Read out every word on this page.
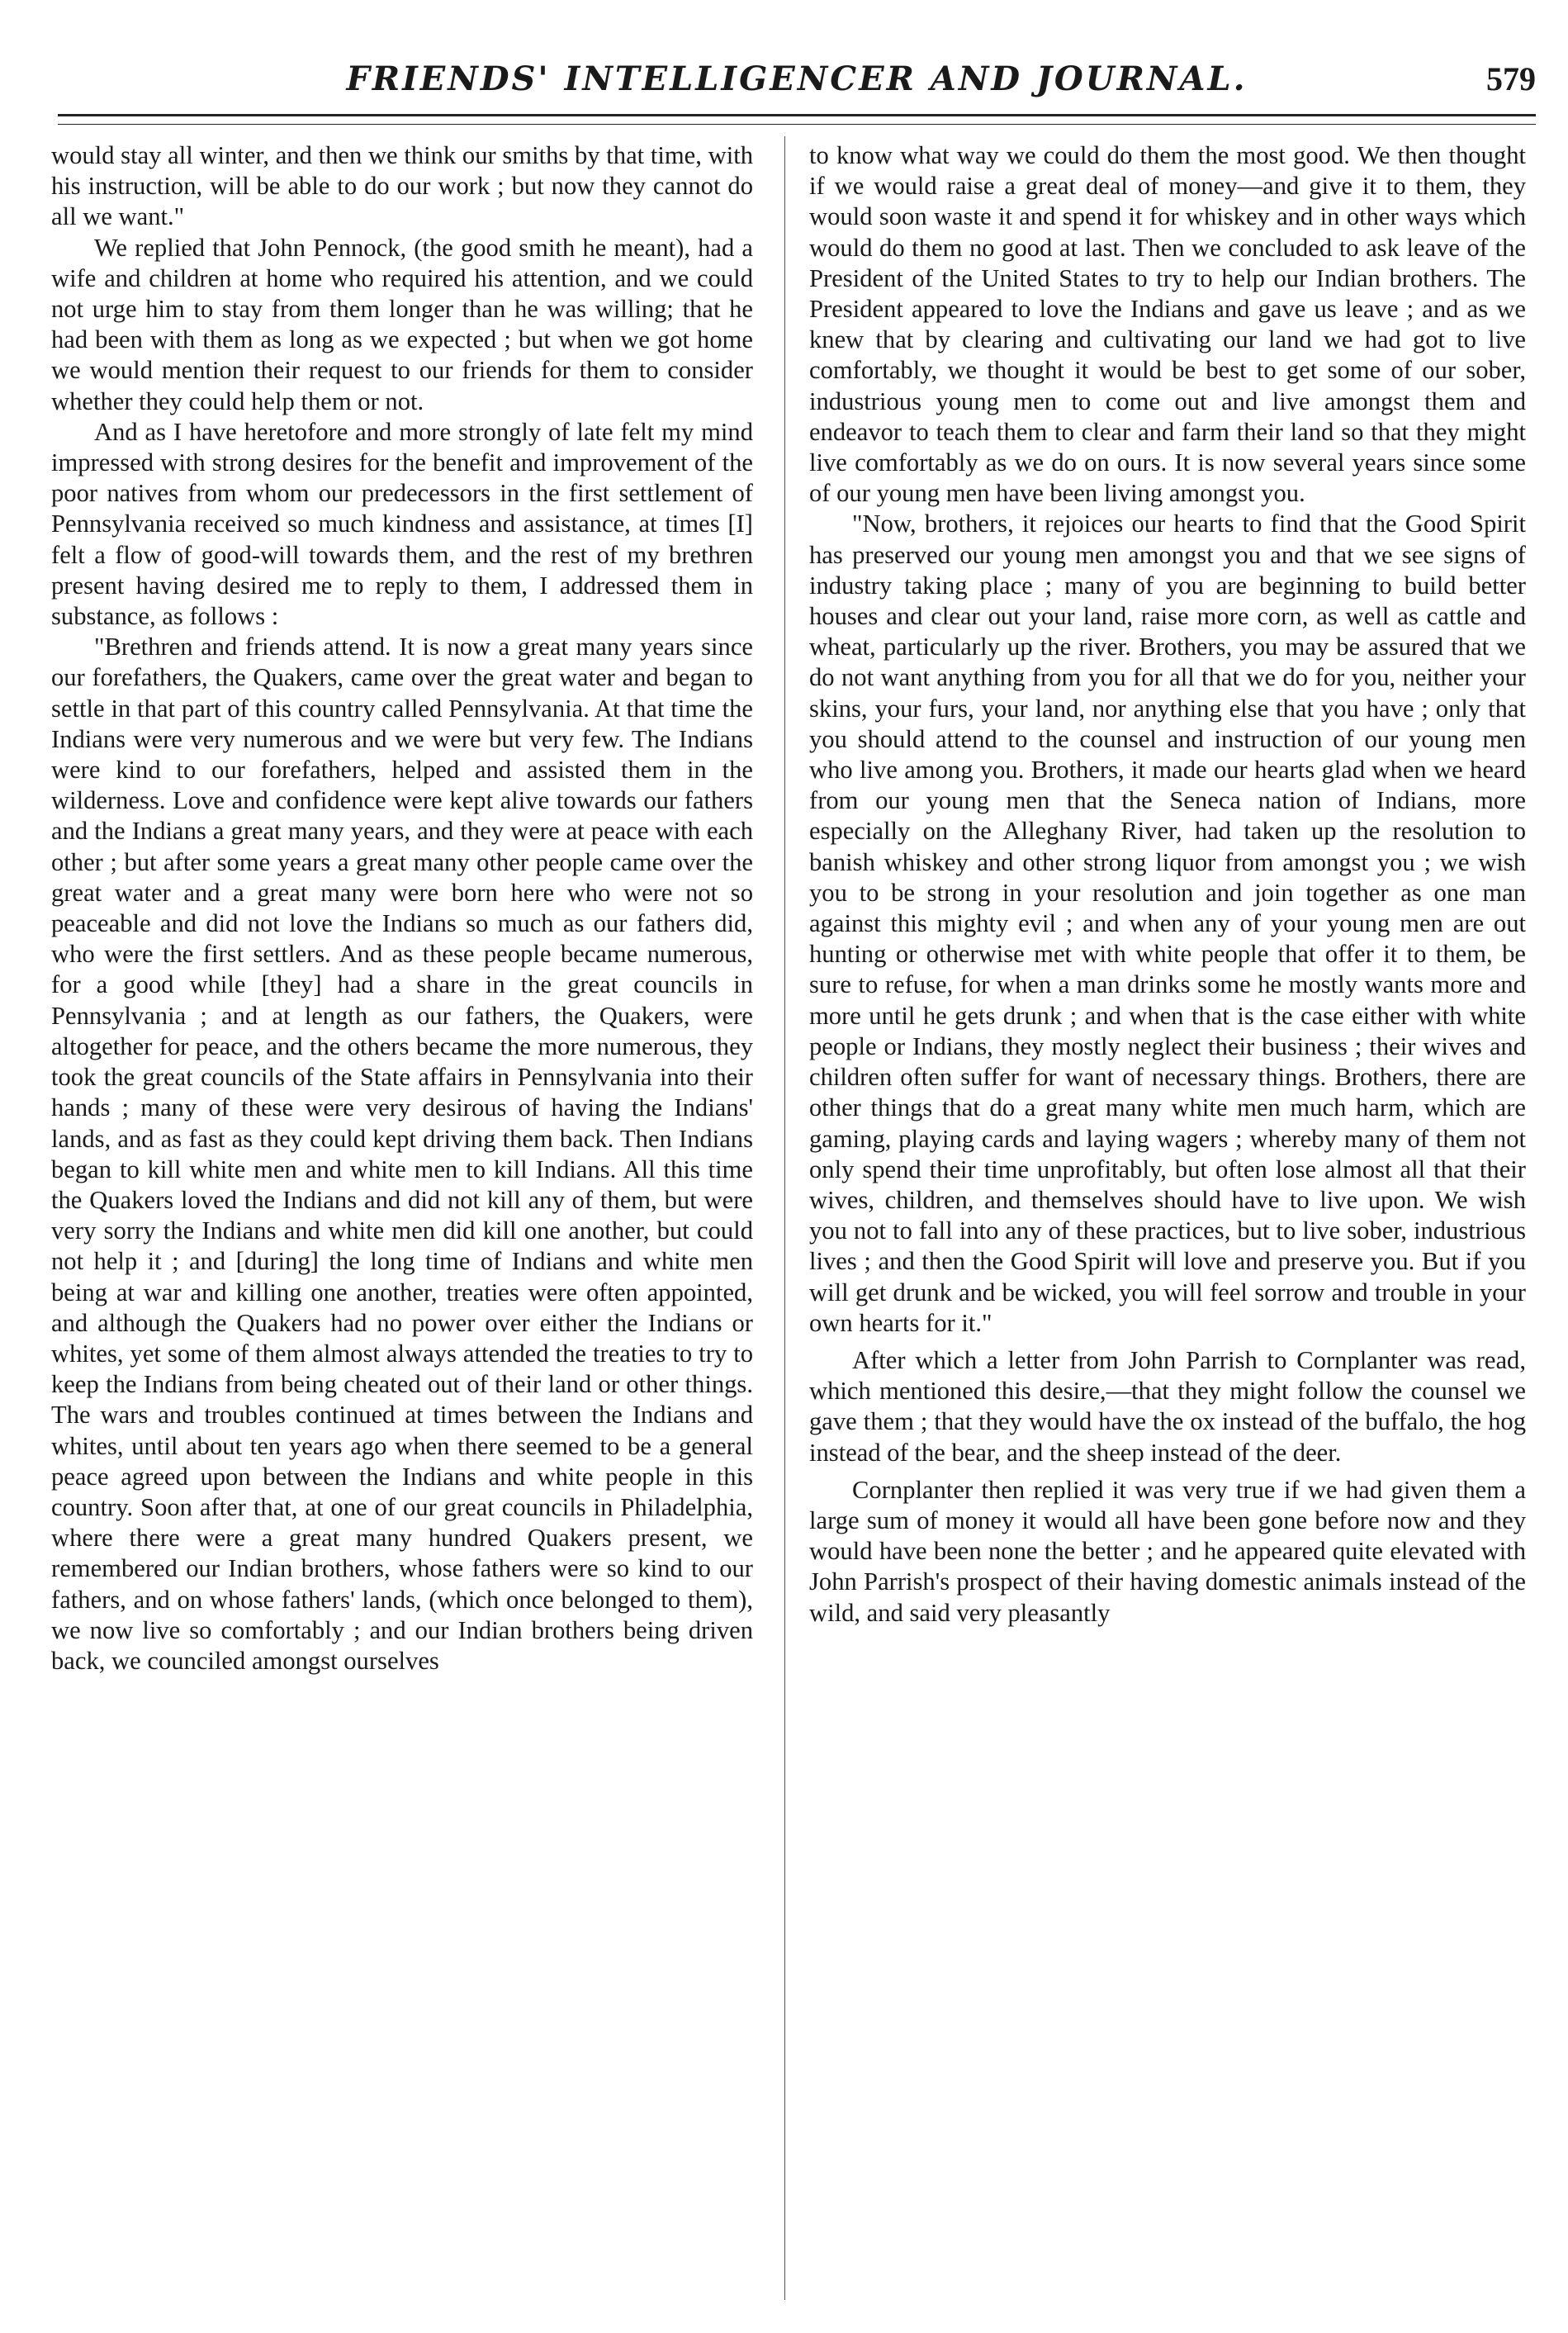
FRIENDS' INTELLIGENCER AND JOURNAL.	579

would stay all winter, and then we think our smiths by that time, with his instruction, will be able to do our work ; but now they cannot do all we want."

We replied that John Pennock, (the good smith he meant), had a wife and children at home who required his attention, and we could not urge him to stay from them longer than he was willing; that he had been with them as long as we expected ; but when we got home we would mention their request to our friends for them to consider whether they could help them or not.

And as I have heretofore and more strongly of late felt my mind impressed with strong desires for the benefit and improvement of the poor natives from whom our predecessors in the first settlement of Pennsylvania received so much kindness and assistance, at times [I] felt a flow of good-will towards them, and the rest of my brethren present having desired me to reply to them, I addressed them in substance, as follows :

"Brethren and friends attend. It is now a great many years since our forefathers, the Quakers, came over the great water and began to settle in that part of this country called Pennsylvania. At that time the Indians were very numerous and we were but very few. The Indians were kind to our forefathers, helped and assisted them in the wilderness. Love and confidence were kept alive towards our fathers and the Indians a great many years, and they were at peace with each other ; but after some years a great many other people came over the great water and a great many were born here who were not so peaceable and did not love the Indians so much as our fathers did, who were the first settlers. And as these people became numerous, for a good while [they] had a share in the great councils in Pennsylvania ; and at length as our fathers, the Quakers, were altogether for peace, and the others became the more numerous, they took the great councils of the State affairs in Pennsylvania into their hands ; many of these were very desirous of having the Indians' lands, and as fast as they could kept driving them back. Then Indians began to kill white men and white men to kill Indians. All this time the Quakers loved the Indians and did not kill any of them, but were very sorry the Indians and white men did kill one another, but could not help it ; and [during] the long time of Indians and white men being at war and killing one another, treaties were often appointed, and although the Quakers had no power over either the Indians or whites, yet some of them almost always attended the treaties to try to keep the Indians from being cheated out of their land or other things. The wars and troubles continued at times between the Indians and whites, until about ten years ago when there seemed to be a general peace agreed upon between the Indians and white people in this country. Soon after that, at one of our great councils in Philadelphia, where there were a great many hundred Quakers present, we remembered our Indian brothers, whose fathers were so kind to our fathers, and on whose fathers' lands, (which once belonged to them), we now live so comfortably ; and our Indian brothers being driven back, we counciled amongst ourselves

to know what way we could do them the most good. We then thought if we would raise a great deal of money—and give it to them, they would soon waste it and spend it for whiskey and in other ways which would do them no good at last. Then we concluded to ask leave of the President of the United States to try to help our Indian brothers. The President appeared to love the Indians and gave us leave ; and as we knew that by clearing and cultivating our land we had got to live comfortably, we thought it would be best to get some of our sober, industrious young men to come out and live amongst them and endeavor to teach them to clear and farm their land so that they might live comfortably as we do on ours. It is now several years since some of our young men have been living amongst you.

"Now, brothers, it rejoices our hearts to find that the Good Spirit has preserved our young men amongst you and that we see signs of industry taking place ; many of you are beginning to build better houses and clear out your land, raise more corn, as well as cattle and wheat, particularly up the river. Brothers, you may be assured that we do not want anything from you for all that we do for you, neither your skins, your furs, your land, nor anything else that you have ; only that you should attend to the counsel and instruction of our young men who live among you. Brothers, it made our hearts glad when we heard from our young men that the Seneca nation of Indians, more especially on the Alleghany River, had taken up the resolution to banish whiskey and other strong liquor from amongst you ; we wish you to be strong in your resolution and join together as one man against this mighty evil ; and when any of your young men are out hunting or otherwise met with white people that offer it to them, be sure to refuse, for when a man drinks some he mostly wants more and more until he gets drunk ; and when that is the case either with white people or Indians, they mostly neglect their business ; their wives and children often suffer for want of necessary things. Brothers, there are other things that do a great many white men much harm, which are gaming, playing cards and laying wagers ; whereby many of them not only spend their time unprofitably, but often lose almost all that their wives, children, and themselves should have to live upon. We wish you not to fall into any of these practices, but to live sober, industrious lives ; and then the Good Spirit will love and preserve you. But if you will get drunk and be wicked, you will feel sorrow and trouble in your own hearts for it."

After which a letter from John Parrish to Cornplanter was read, which mentioned this desire,—that they might follow the counsel we gave them ; that they would have the ox instead of the buffalo, the hog instead of the bear, and the sheep instead of the deer.

Cornplanter then replied it was very true if we had given them a large sum of money it would all have been gone before now and they would have been none the better ; and he appeared quite elevated with John Parrish's prospect of their having domestic animals instead of the wild, and said very pleasantly
